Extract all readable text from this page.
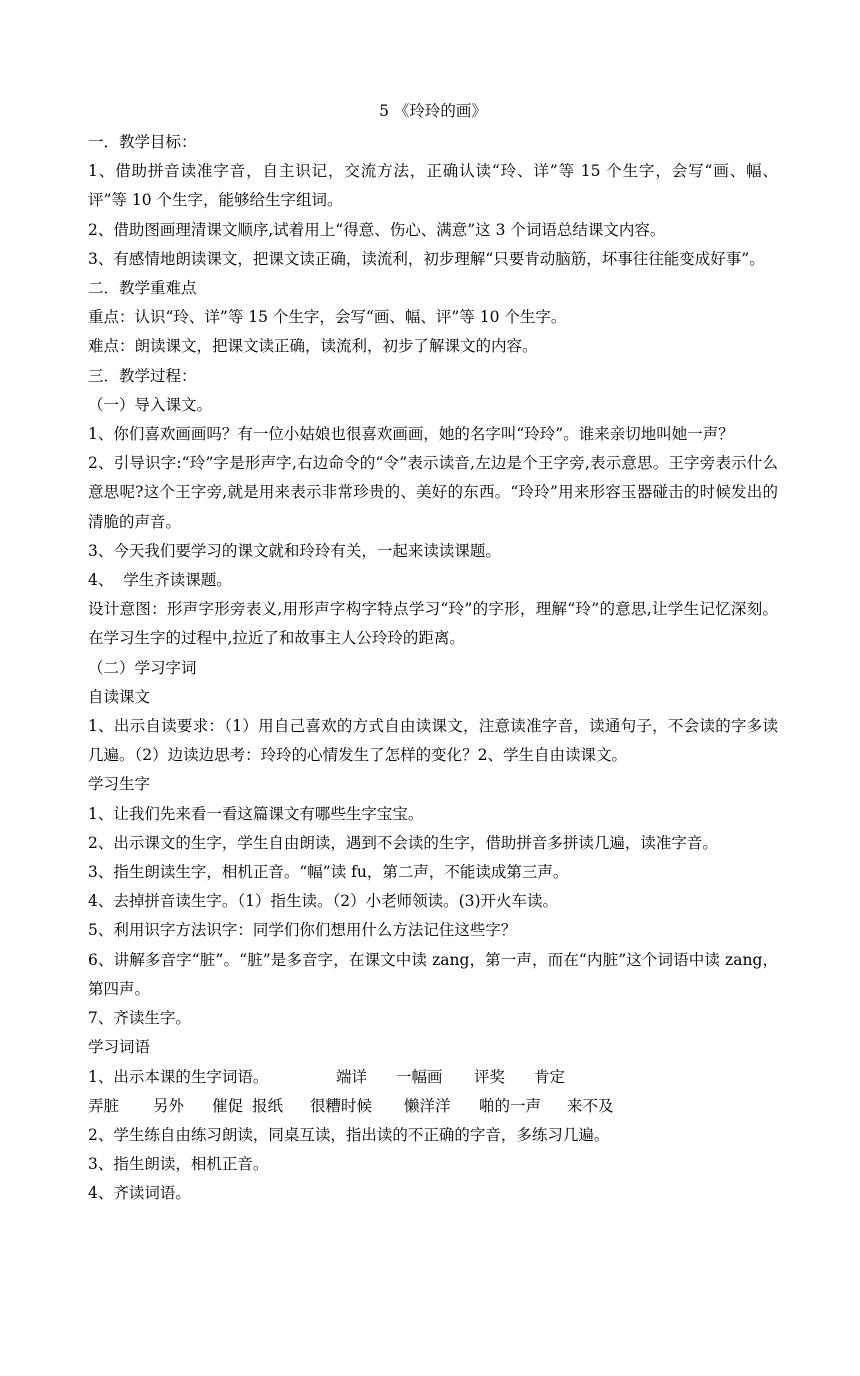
5 《玲玲的画》
一．教学目标：
1、借助拼音读准字音，自主识记，交流方法，正确认读“玲、详”等 15 个生字，会写“画、幅、评”等 10 个生字，能够给生字组词。
2、借助图画理清课文顺序,试着用上“得意、伤心、满意”这 3 个词语总结课文内容。
3、有感情地朗读课文，把课文读正确，读流利，初步理解“只要肯动脑筋，坏事往往能变成好事”。
二．教学重难点
重点：认识“玲、详”等 15 个生字，会写“画、幅、评”等 10 个生字。
难点：朗读课文，把课文读正确，读流利，初步了解课文的内容。
三．教学过程：
（一）导入课文。
1、你们喜欢画画吗？有一位小姑娘也很喜欢画画，她的名字叫“玲玲”。谁来亲切地叫她一声？
2、引导识字:“玲”字是形声字,右边命令的“令”表示读音,左边是个王字旁,表示意思。王字旁表示什么意思呢?这个王字旁,就是用来表示非常珍贵的、美好的东西。“玲玲”用来形容玉器碰击的时候发出的清脆的声音。
3、今天我们要学习的课文就和玲玲有关，一起来读读课题。
4、  学生齐读课题。
设计意图：形声字形旁表义,用形声字构字特点学习“玲”的字形，理解“玲”的意思,让学生记忆深刻。在学习生字的过程中,拉近了和故事主人公玲玲的距离。
（二）学习字词
自读课文
1、出示自读要求：（1）用自己喜欢的方式自由读课文，注意读准字音，读通句子，不会读的字多读几遍。（2）边读边思考：玲玲的心情发生了怎样的变化？2、学生自由读课文。
学习生字
1、让我们先来看一看这篇课文有哪些生字宝宝。
2、出示课文的生字，学生自由朗读，遇到不会读的生字，借助拼音多拼读几遍，读准字音。
3、指生朗读生字，相机正音。“幅”读 fu，第二声，不能读成第三声。
4、去掉拼音读生字。（1）指生读。（2）小老师领读。(3)开火车读。
5、利用识字方法识字：同学们你们想用什么方法记住这些字？
6、讲解多音字“脏”。“脏”是多音字，在课文中读 zang，第一声，而在“内脏”这个词语中读 zang，第四声。
7、齐读生字。
学习词语
1、出示本课的生字词语。	端详 一幅画 评奖 肯定
弄脏 另外 催促 报纸 很糟时候 懒洋洋 啪的一声 来不及
2、学生练自由练习朗读，同桌互读，指出读的不正确的字音，多练习几遍。
3、指生朗读，相机正音。
4、齐读词语。
